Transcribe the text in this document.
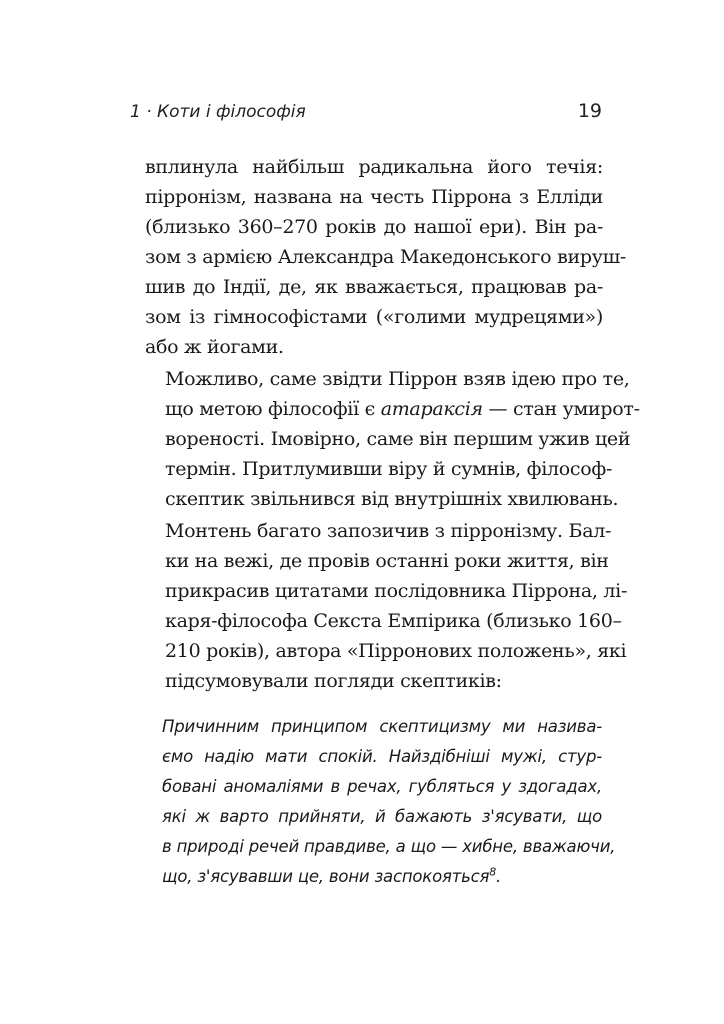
1 · Коти і філософія	19

вплинула найбільш радикальна його течія:
пірронізм, названа на честь Піррона з Елліди
(близько 360–270 років до нашої ери). Він ра-
зом з армією Александра Македонського вируш-
шив до Індії, де, як вважається, працював ра-
зом із гімнософістами («голими мудрецями»)
або ж йогами.

Можливо, саме звідти Піррон взяв ідею про те,
що метою філософії є атараксія — стан умирот-
вореності. Імовірно, саме він першим ужив цей
термін. Притлумивши віру й сумнів, філософ-
скептик звільнився від внутрішніх хвилювань.

Монтень багато запозичив з пірронізму. Бал-
ки на вежі, де провів останні роки життя, він
прикрасив цитатами послідовника Піррона, лі-
каря-філософа Секста Емпірика (близько 160–
210 років), автора «Пірронових положень», які
підсумовували погляди скептиків:

Причинним принципом скептицизму ми назива-
ємо надію мати спокій. Найздібніші мужі, стур-
бовані аномаліями в речах, губляться у здогадах,
які ж варто прийняти, й бажають з'ясувати, що
в природі речей правдиве, а що — хибне, вважаючи,
що, з'ясувавши це, вони заспокояться$^8$.
